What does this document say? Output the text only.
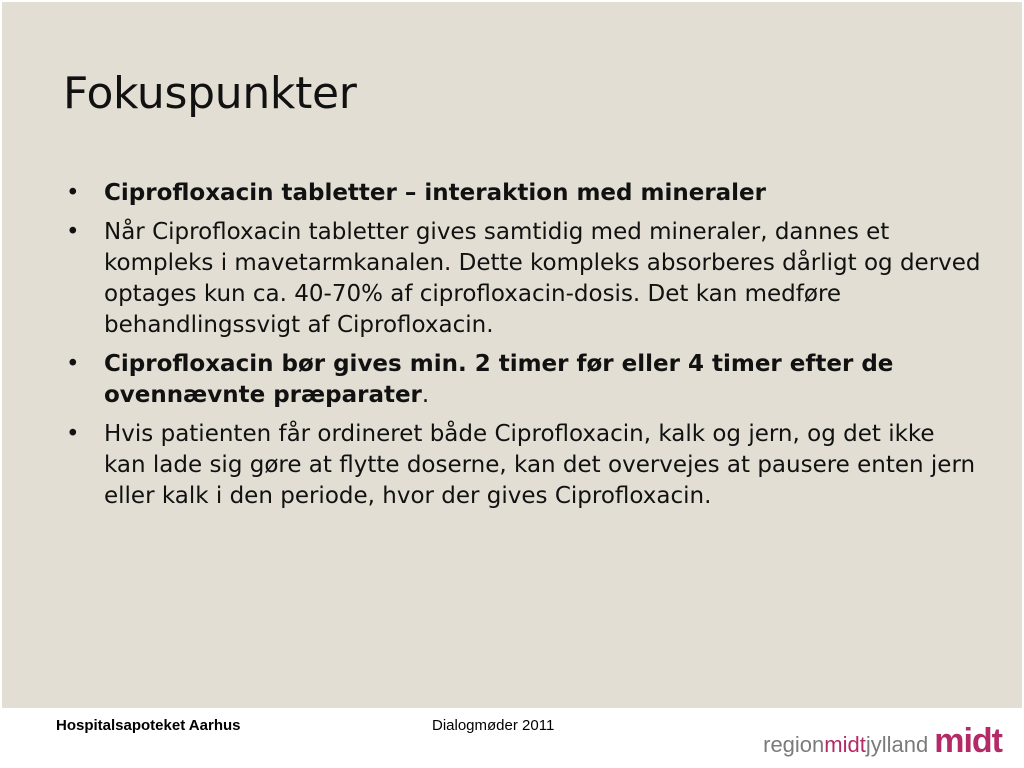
Fokuspunkter
• Ciprofloxacin tabletter – interaktion med mineraler
• Når Ciprofloxacin tabletter gives samtidig med mineraler, dannes et kompleks i mavetarmkanalen. Dette kompleks absorberes dårligt og derved optages kun ca. 40-70% af ciprofloxacin-dosis. Det kan medføre behandlingssvigt af Ciprofloxacin.
• Ciprofloxacin bør gives min. 2 timer før eller 4 timer efter de ovennævnte præparater.
• Hvis patienten får ordineret både Ciprofloxacin, kalk og jern, og det ikke kan lade sig gøre at flytte doserne, kan det overvejes at pausere enten jern eller kalk i den periode, hvor der gives Ciprofloxacin.
Hospitalsapoteket Aarhus	Dialogmøder 2011
region midt jylland midt
